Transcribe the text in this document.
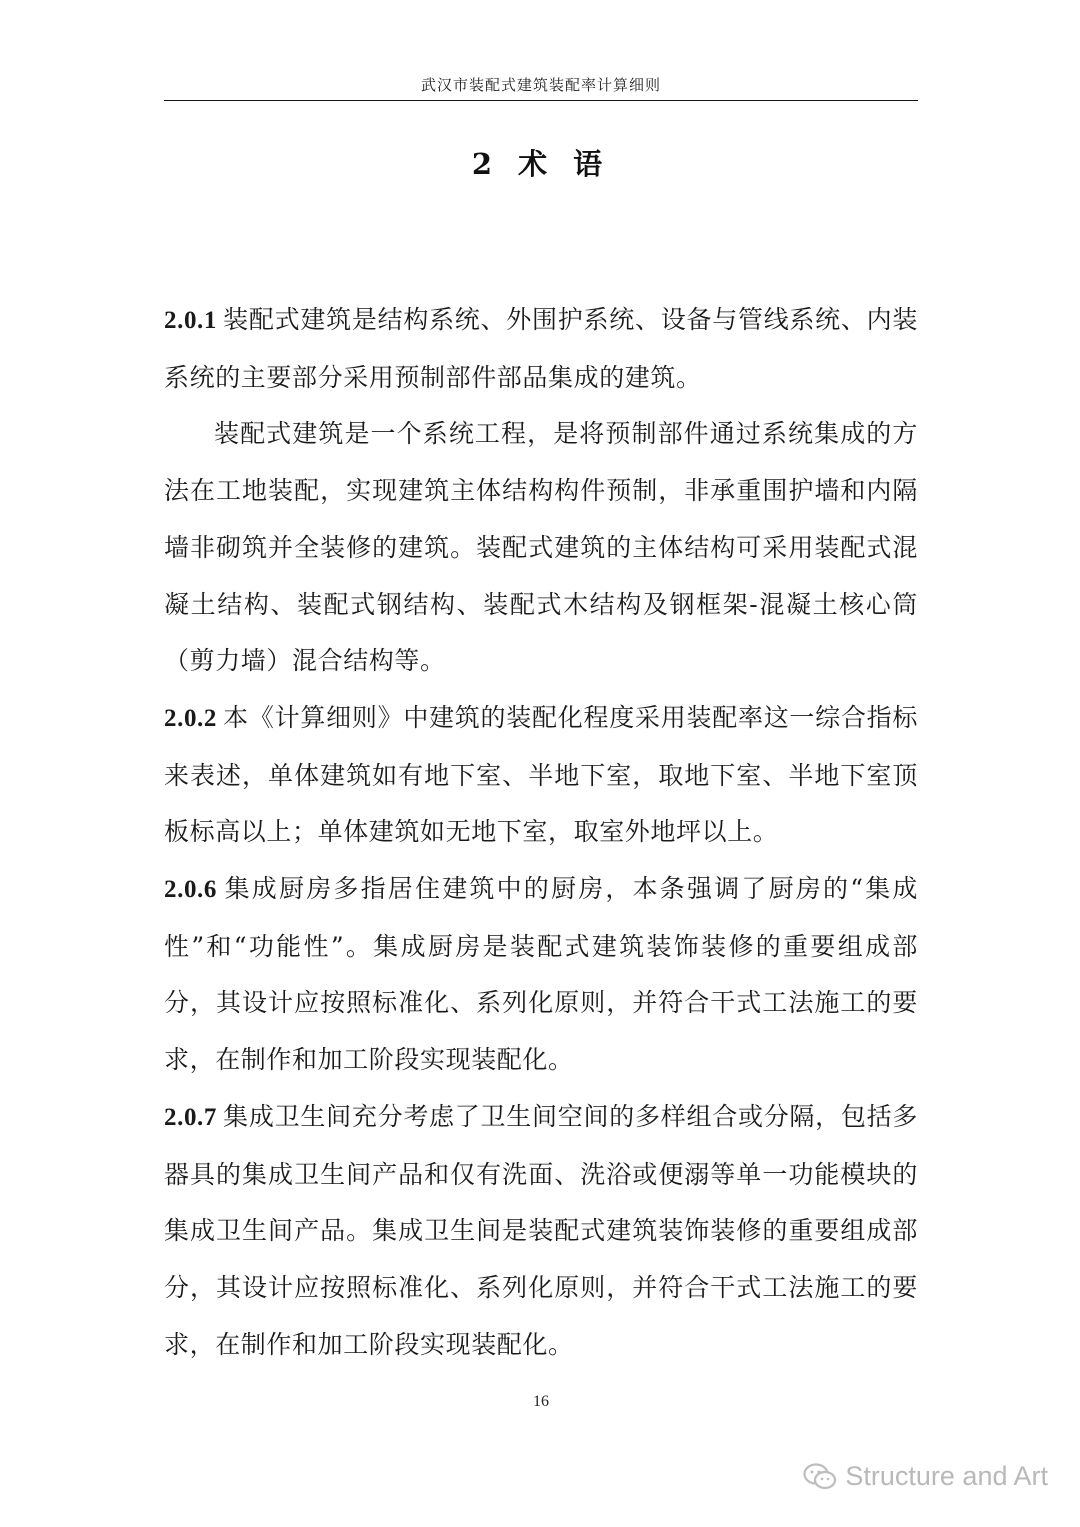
武汉市装配式建筑装配率计算细则
2 术 语

2.0.1 装配式建筑是结构系统、外围护系统、设备与管线系统、内装系统的主要部分采用预制部件部品集成的建筑。

装配式建筑是一个系统工程，是将预制部件通过系统集成的方法在工地装配，实现建筑主体结构构件预制，非承重围护墙和内隔墙非砌筑并全装修的建筑。装配式建筑的主体结构可采用装配式混凝土结构、装配式钢结构、装配式木结构及钢框架-混凝土核心筒（剪力墙）混合结构等。

2.0.2 本《计算细则》中建筑的装配化程度采用装配率这一综合指标来表述，单体建筑如有地下室、半地下室，取地下室、半地下室顶板标高以上；单体建筑如无地下室，取室外地坪以上。

2.0.6 集成厨房多指居住建筑中的厨房，本条强调了厨房的“集成性”和“功能性”。集成厨房是装配式建筑装饰装修的重要组成部分，其设计应按照标准化、系列化原则，并符合干式工法施工的要求，在制作和加工阶段实现装配化。

2.0.7 集成卫生间充分考虑了卫生间空间的多样组合或分隔，包括多器具的集成卫生间产品和仅有洗面、洗浴或便溺等单一功能模块的集成卫生间产品。集成卫生间是装配式建筑装饰装修的重要组成部分，其设计应按照标准化、系列化原则，并符合干式工法施工的要求，在制作和加工阶段实现装配化。

16
Structure and Art
